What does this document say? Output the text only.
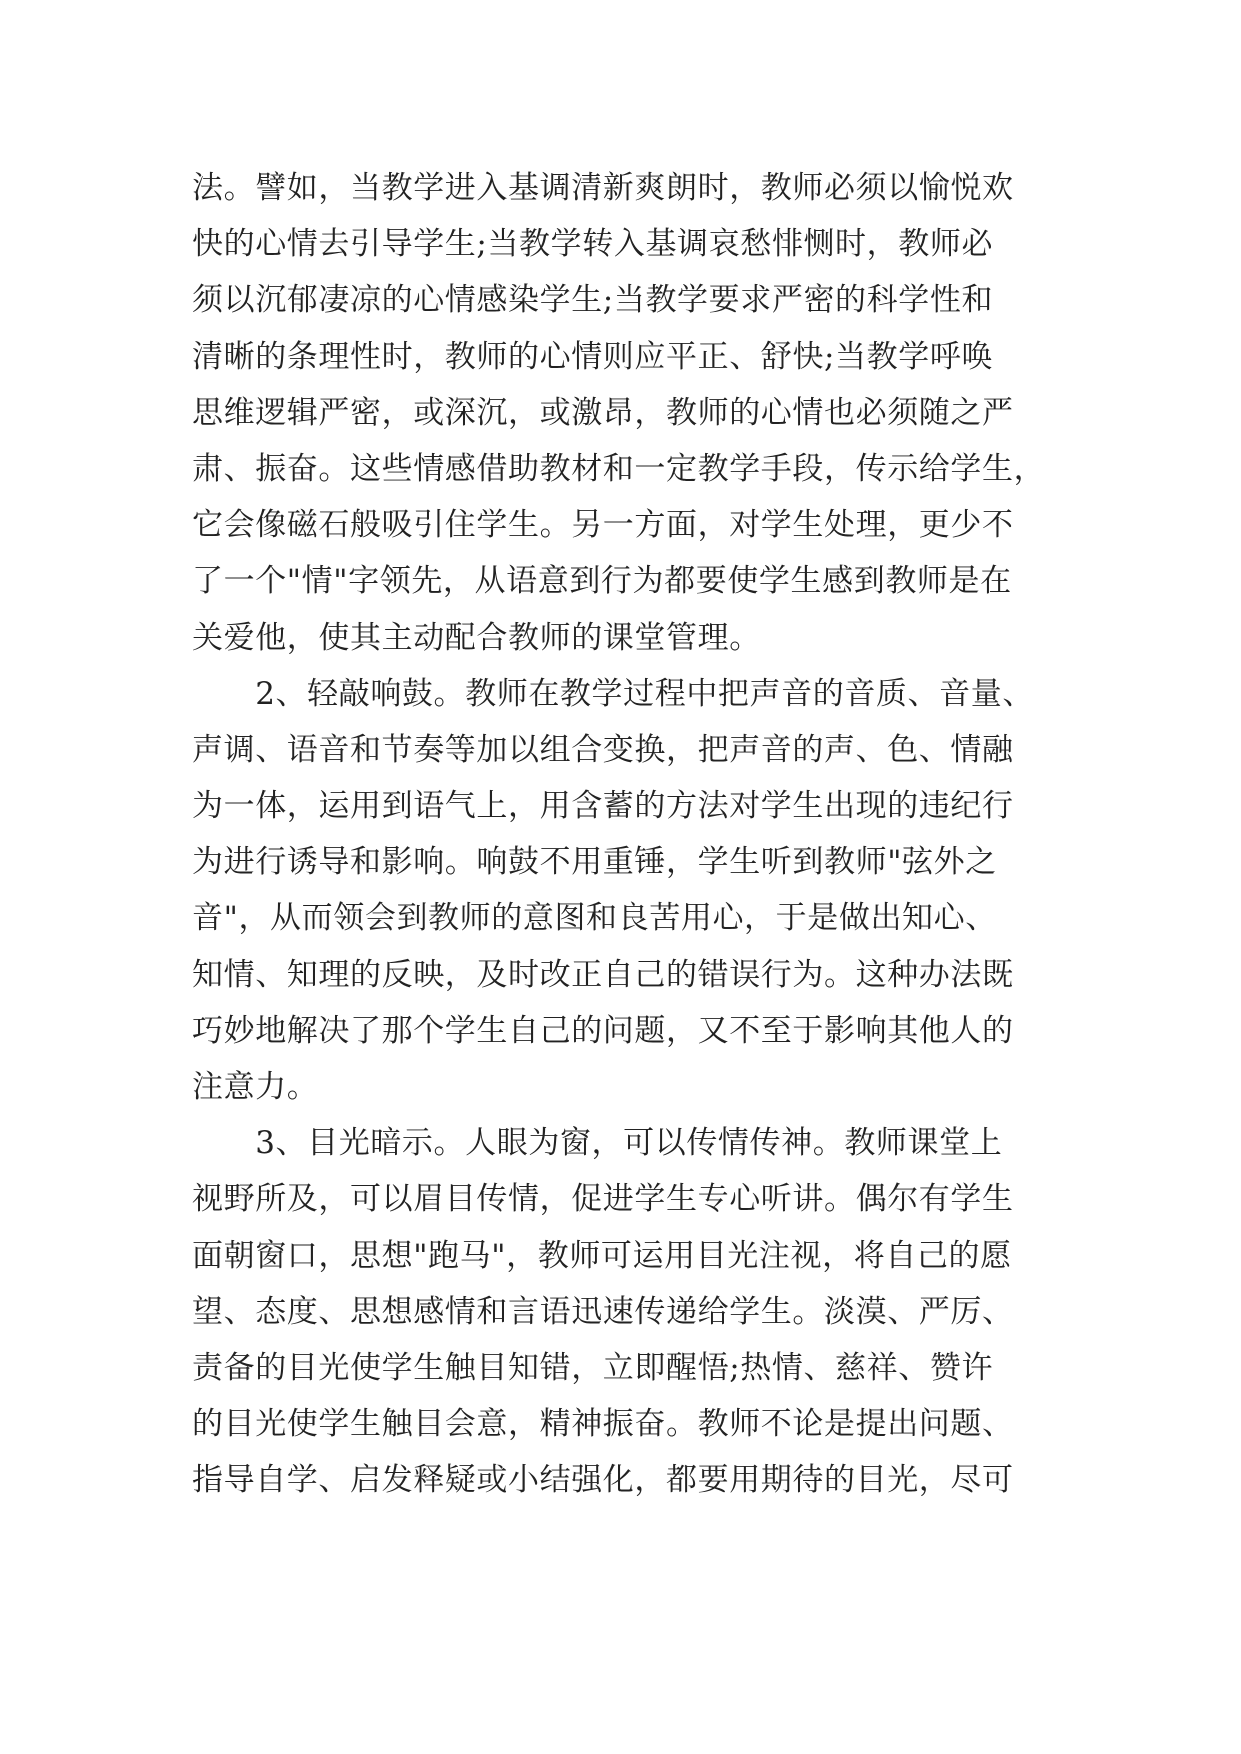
法。譬如，当教学进入基调清新爽朗时，教师必须以愉悦欢
快的心情去引导学生;当教学转入基调哀愁悱恻时，教师必
须以沉郁凄凉的心情感染学生;当教学要求严密的科学性和
清晰的条理性时，教师的心情则应平正、舒快;当教学呼唤
思维逻辑严密，或深沉，或激昂，教师的心情也必须随之严
肃、振奋。这些情感借助教材和一定教学手段，传示给学生，
它会像磁石般吸引住学生。另一方面，对学生处理，更少不
了一个"情"字领先，从语意到行为都要使学生感到教师是在
关爱他，使其主动配合教师的课堂管理。
　　2、轻敲响鼓。教师在教学过程中把声音的音质、音量、
声调、语音和节奏等加以组合变换，把声音的声、色、情融
为一体，运用到语气上，用含蓄的方法对学生出现的违纪行
为进行诱导和影响。响鼓不用重锤，学生听到教师"弦外之
音"，从而领会到教师的意图和良苦用心，于是做出知心、
知情、知理的反映，及时改正自己的错误行为。这种办法既
巧妙地解决了那个学生自己的问题，又不至于影响其他人的
注意力。
　　3、目光暗示。人眼为窗，可以传情传神。教师课堂上
视野所及，可以眉目传情，促进学生专心听讲。偶尔有学生
面朝窗口，思想"跑马"，教师可运用目光注视，将自己的愿
望、态度、思想感情和言语迅速传递给学生。淡漠、严厉、
责备的目光使学生触目知错，立即醒悟;热情、慈祥、赞许
的目光使学生触目会意，精神振奋。教师不论是提出问题、
指导自学、启发释疑或小结强化，都要用期待的目光，尽可
